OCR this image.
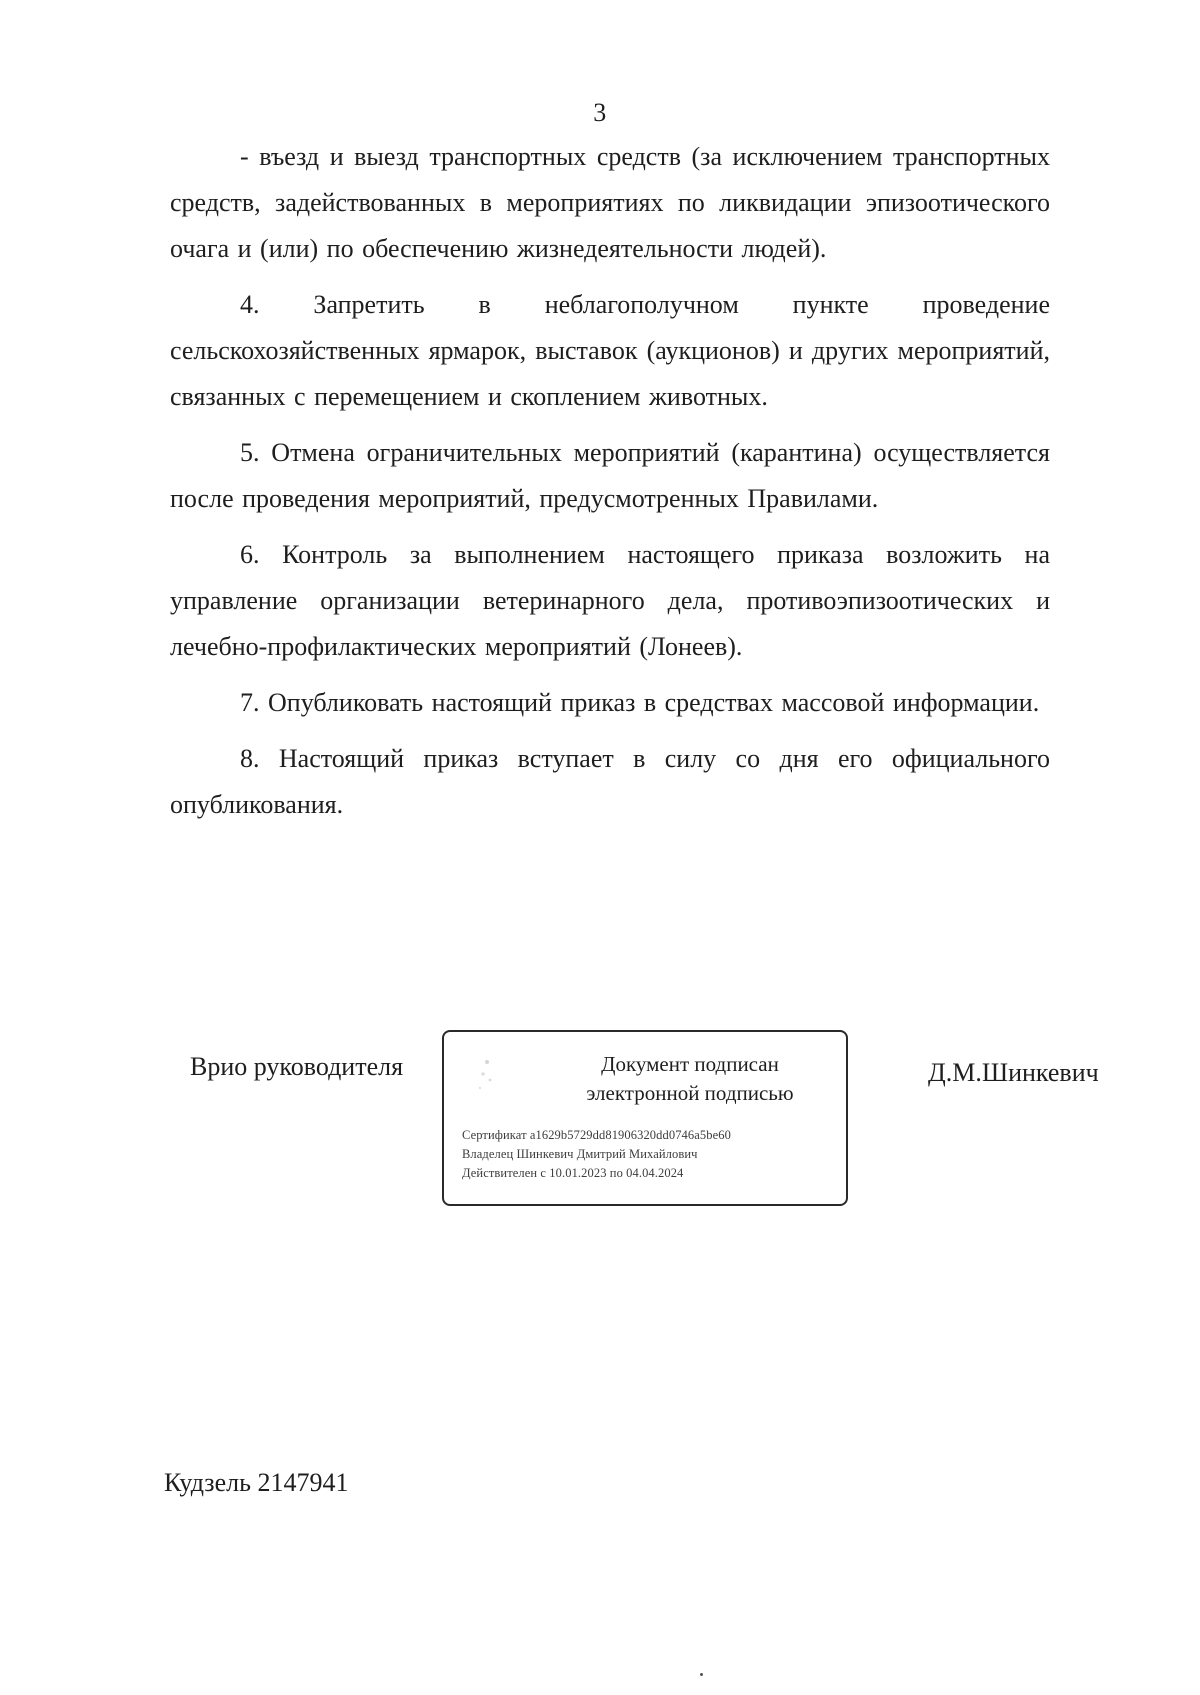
3

- въезд и выезд транспортных средств (за исключением транспортных средств, задействованных в мероприятиях по ликвидации эпизоотического очага и (или) по обеспечению жизнедеятельности людей).

4. Запретить в неблагополучном пункте проведение сельскохозяйственных ярмарок, выставок (аукционов) и других мероприятий, связанных с перемещением и скоплением животных.

5. Отмена ограничительных мероприятий (карантина) осуществляется после проведения мероприятий, предусмотренных Правилами.

6. Контроль за выполнением настоящего приказа возложить на управление организации ветеринарного дела, противоэпизоотических и лечебно-профилактических мероприятий (Лонеев).

7. Опубликовать настоящий приказ в средствах массовой информации.

8. Настоящий приказ вступает в силу со дня его официального опубликования.

Врио руководителя	Документ подписан
электронной подписью
Сертификат a1629b5729dd81906320dd0746a5be60
Владелец Шинкевич Дмитрий Михайлович
Действителен с 10.01.2023 по 04.04.2024
Д.М.Шинкевич
Кудзель 2147941
